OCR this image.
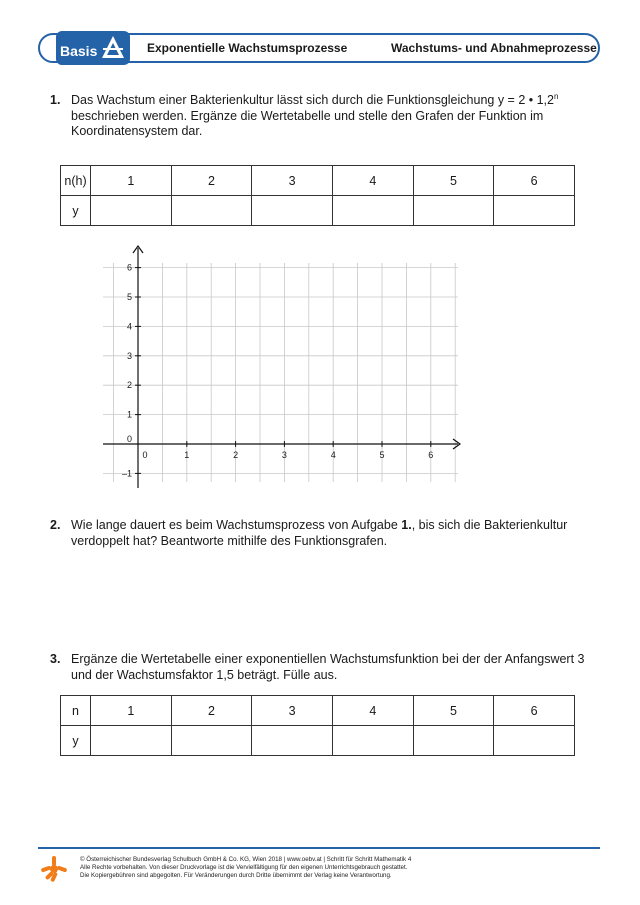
Basis	Exponentielle Wachstumsprozesse	Wachstums- und Abnahmeprozesse
1. Das Wachstum einer Bakterienkultur lässt sich durch die Funktionsgleichung y = 2 • 1,2$^n$
beschrieben werden. Ergänze die Wertetabelle und stelle den Grafen der Funktion im
Koordinatensystem dar.
n(h)	1	2	3	4	5	6
y						
0	1	2	3	4	5	6
6
5
4
3
2
1
0
–1
2. Wie lange dauert es beim Wachstumsprozess von Aufgabe 1., bis sich die Bakterienkultur
verdoppelt hat? Beantworte mithilfe des Funktionsgrafen.
3. Ergänze die Wertetabelle einer exponentiellen Wachstumsfunktion bei der der Anfangswert 3
und der Wachstumsfaktor 1,5 beträgt. Fülle aus.
n	1	2	3	4	5	6
y						
© Österreichischer Bundesverlag Schulbuch GmbH & Co. KG, Wien 2018 | www.oebv.at | Schritt für Schritt Mathematik 4
Alle Rechte vorbehalten. Von dieser Druckvorlage ist die Vervielfältigung für den eigenen Unterrichtsgebrauch gestattet.
Die Kopiergebühren sind abgegolten. Für Veränderungen durch Dritte übernimmt der Verlag keine Verantwortung.
